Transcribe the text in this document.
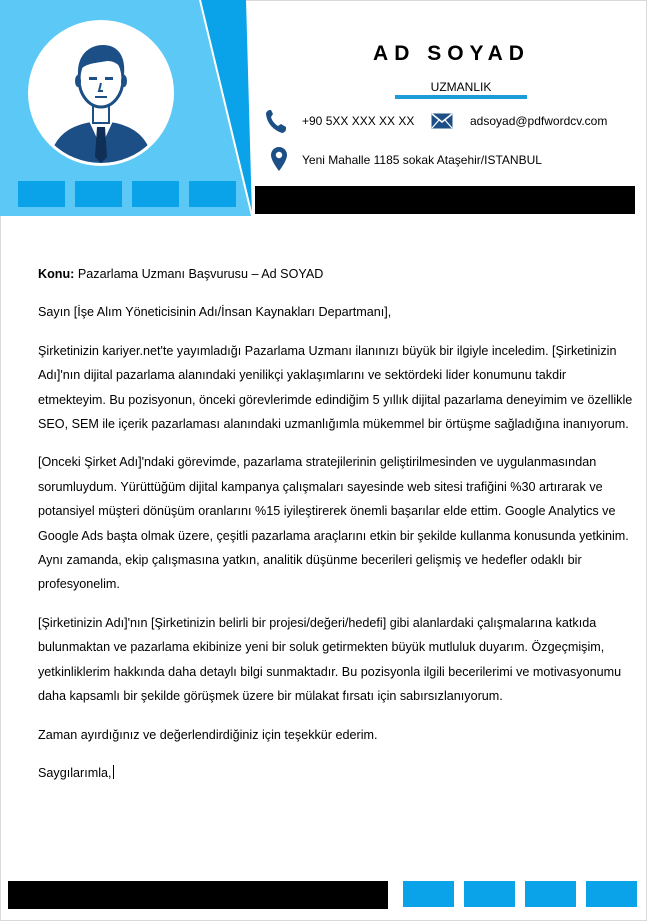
AD SOYAD
UZMANLIK
+90 5XX XXX XX XX	adsoyad@pdfwordcv.com
Yeni Mahalle 1185 sokak Ataşehir/ISTANBUL

Konu: Pazarlama Uzmanı Başvurusu – Ad SOYAD

Sayın [İşe Alım Yöneticisinin Adı/İnsan Kaynakları Departmanı],

Şirketinizin kariyer.net'te yayımladığı Pazarlama Uzmanı ilanınızı büyük bir ilgiyle inceledim. [Şirketinizin Adı]'nın dijital pazarlama alanındaki yenilikçi yaklaşımlarını ve sektördeki lider konumunu takdir etmekteyim. Bu pozisyonun, önceki görevlerimde edindiğim 5 yıllık dijital pazarlama deneyimim ve özellikle SEO, SEM ile içerik pazarlaması alanındaki uzmanlığımla mükemmel bir örtüşme sağladığına inanıyorum.

[Onceki Şirket Adı]'ndaki görevimde, pazarlama stratejilerinin geliştirilmesinden ve uygulanmasından sorumluydum. Yürüttüğüm dijital kampanya çalışmaları sayesinde web sitesi trafiğini %30 artırarak ve potansiyel müşteri dönüşüm oranlarını %15 iyileştirerek önemli başarılar elde ettim. Google Analytics ve Google Ads başta olmak üzere, çeşitli pazarlama araçlarını etkin bir şekilde kullanma konusunda yetkinim. Aynı zamanda, ekip çalışmasına yatkın, analitik düşünme becerileri gelişmiş ve hedefler odaklı bir profesyonelim.

[Şirketinizin Adı]'nın [Şirketinizin belirli bir projesi/değeri/hedefi] gibi alanlardaki çalışmalarına katkıda bulunmaktan ve pazarlama ekibinize yeni bir soluk getirmekten büyük mutluluk duyarım. Özgeçmişim, yetkinliklerim hakkında daha detaylı bilgi sunmaktadır. Bu pozisyonla ilgili becerilerimi ve motivasyonumu daha kapsamlı bir şekilde görüşmek üzere bir mülakat fırsatı için sabırsızlanıyorum.

Zaman ayırdığınız ve değerlendirdiğiniz için teşekkür ederim.

Saygılarımla,
